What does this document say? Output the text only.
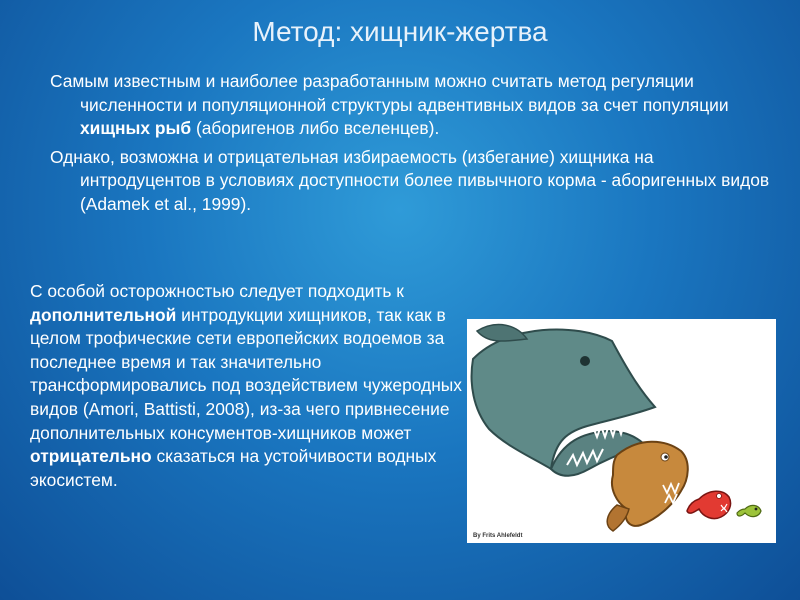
Метод: хищник-жертва

Самым известным и наиболее разработанным можно считать метод регуляции численности и популяционной структуры адвентивных видов за счет популяции хищных рыб (аборигенов либо вселенцев).

Однако, возможна и отрицательная избираемость (избегание) хищника на интродуцентов в условиях доступности более пивычного корма - аборигенных видов (Adamek et al., 1999).

С особой осторожностью следует подходить к дополнительной интродукции хищников, так как в целом трофические сети европейских водоемов за последнее время и так значительно трансформировались под воздействием чужеродных видов (Amori, Battisti, 2008), из-за чего привнесение дополнительных консументов-хищников может отрицательно сказаться на устойчивости водных экосистем.
By Frits Ahlefeldt
